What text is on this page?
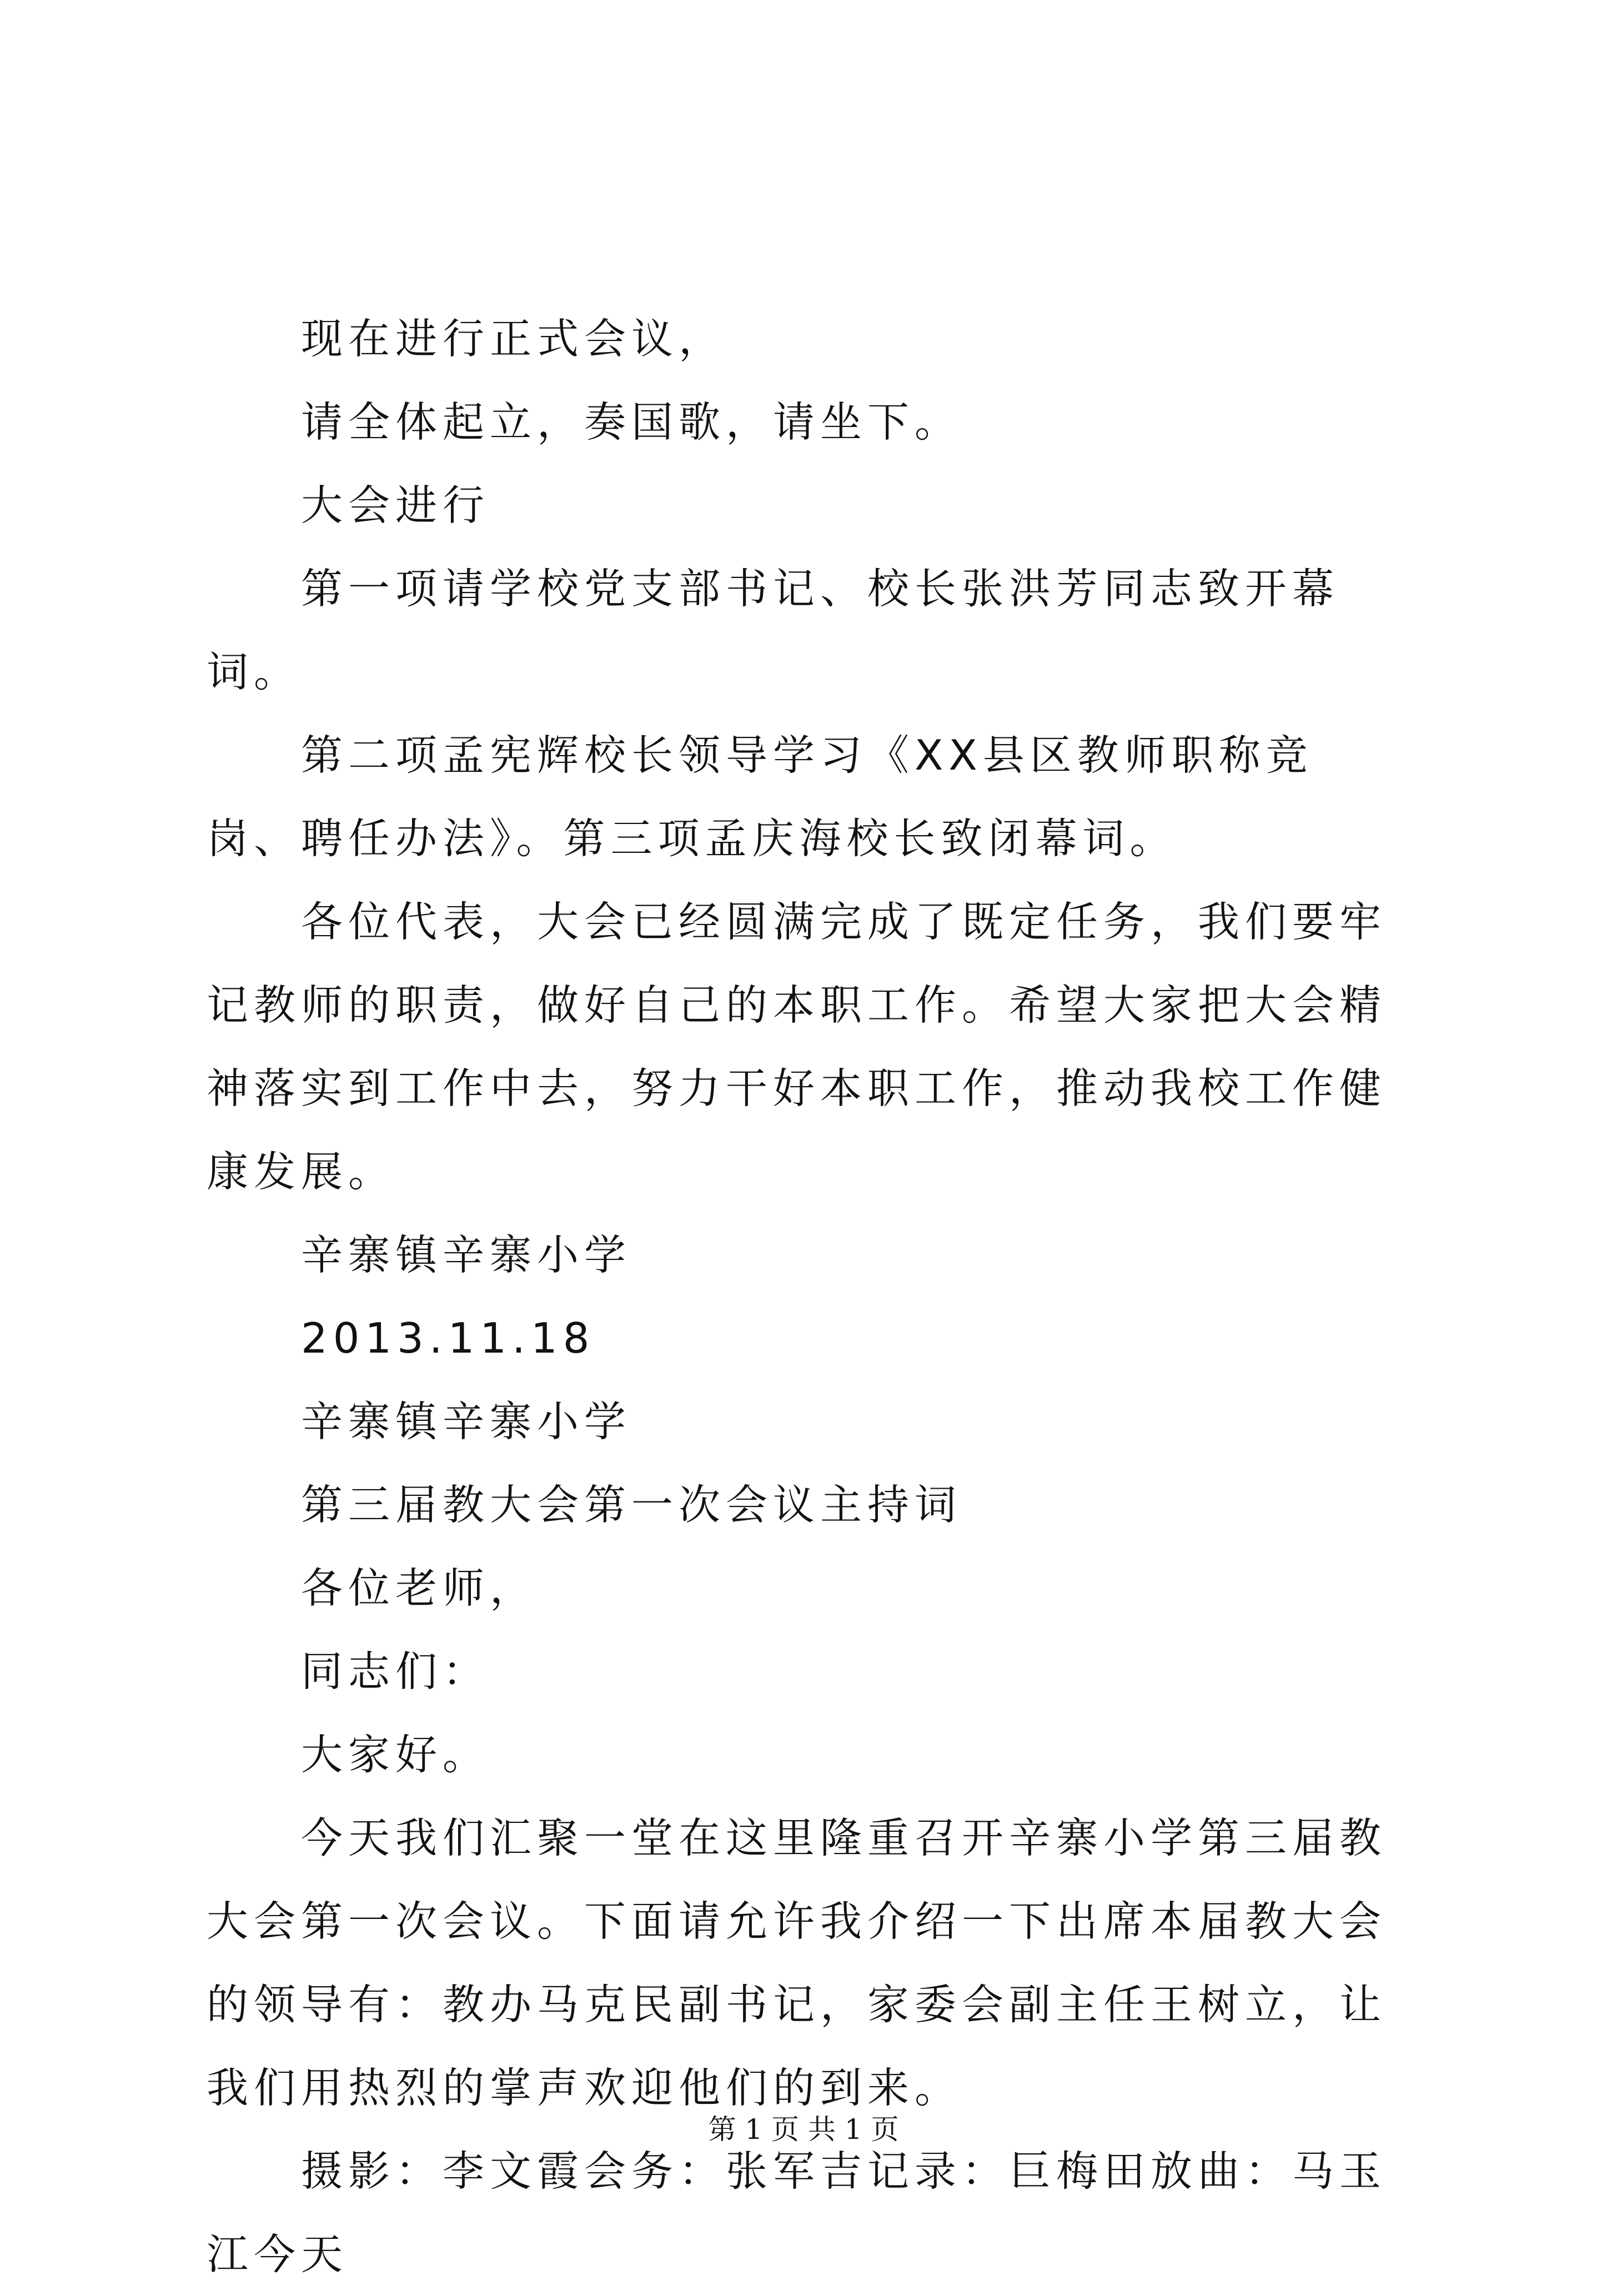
现在进行正式会议，

请全体起立，奏国歌，请坐下。

大会进行

第一项请学校党支部书记、校长张洪芳同志致开幕词。

第二项孟宪辉校长领导学习《XX县区教师职称竞岗、聘任办法》。第三项孟庆海校长致闭幕词。

各位代表，大会已经圆满完成了既定任务，我们要牢记教师的职责，做好自己的本职工作。希望大家把大会精神落实到工作中去，努力干好本职工作，推动我校工作健康发展。

辛寨镇辛寨小学

2013.11.18

辛寨镇辛寨小学

第三届教大会第一次会议主持词

各位老师，

同志们：

大家好。

今天我们汇聚一堂在这里隆重召开辛寨小学第三届教大会第一次会议。下面请允许我介绍一下出席本届教大会的领导有：教办马克民副书记，家委会副主任王树立，让我们用热烈的掌声欢迎他们的到来。

摄影：李文霞会务：张军吉记录：巨梅田放曲：马玉江今天

第 1 页 共 1 页
